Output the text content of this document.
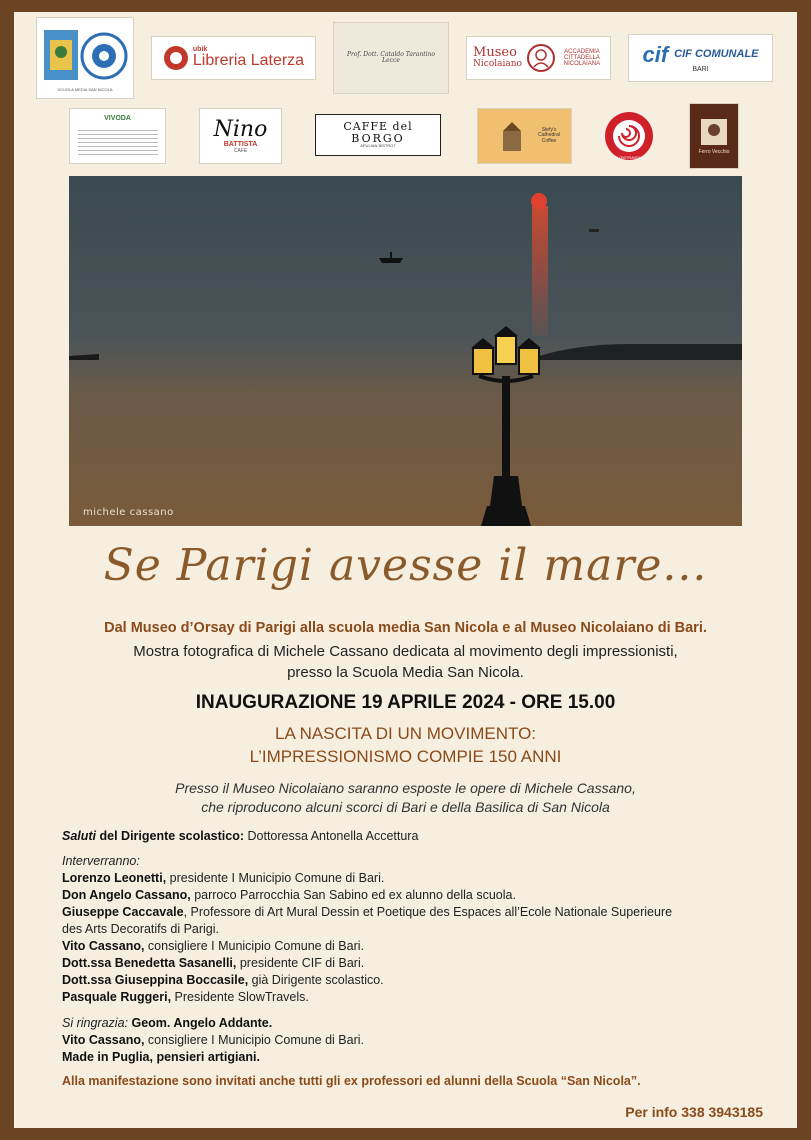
SCUOLA MEDIA SAN NICOLA
ubik
Libreria Laterza	Prof. Dott. Cataldo Tarantino Lecce
Museo
Nicolaiano
ACCADEMIA CITTADELLA NICOLAIANA cif CIF COMUNALE
BARI
VIVODA	Nino
BATTISTA
CAFE
CAFFE del
BORGO
APULIAN BISTROT
Stefy's Cathedral Coffee
SLOWTRAVELS
Ferro Vecchio
michele cassano
Se Parigi avesse il mare...
Dal Museo d’Orsay di Parigi alla scuola media San Nicola e al Museo Nicolaiano di Bari.
Mostra fotografica di Michele Cassano dedicata al movimento degli impressionisti,
presso la Scuola Media San Nicola.
INAUGURAZIONE 19 APRILE 2024 - ORE 15.00
LA NASCITA DI UN MOVIMENTO:
L’IMPRESSIONISMO COMPIE 150 ANNI
Presso il Museo Nicolaiano saranno esposte le opere di Michele Cassano,
che riproducono alcuni scorci di Bari e della Basilica di San Nicola
Saluti del Dirigente scolastico: Dottoressa Antonella Accettura
Interverranno:
Lorenzo Leonetti, presidente I Municipio Comune di Bari.
Don Angelo Cassano, parroco Parrocchia San Sabino ed ex alunno della scuola.
Giuseppe Caccavale, Professore di Art Mural Dessin et Poetique des Espaces all’Ecole Nationale Superieure
des Arts Decoratifs di Parigi.
Vito Cassano, consigliere I Municipio Comune di Bari.
Dott.ssa Benedetta Sasanelli, presidente CIF di Bari.
Dott.ssa Giuseppina Boccasile, già Dirigente scolastico.
Pasquale Ruggeri, Presidente SlowTravels.
Si ringrazia: Geom. Angelo Addante.
Vito Cassano, consigliere I Municipio Comune di Bari.
Made in Puglia, pensieri artigiani.
Alla manifestazione sono invitati anche tutti gli ex professori ed alunni della Scuola “San Nicola”.
Per info 338 3943185
